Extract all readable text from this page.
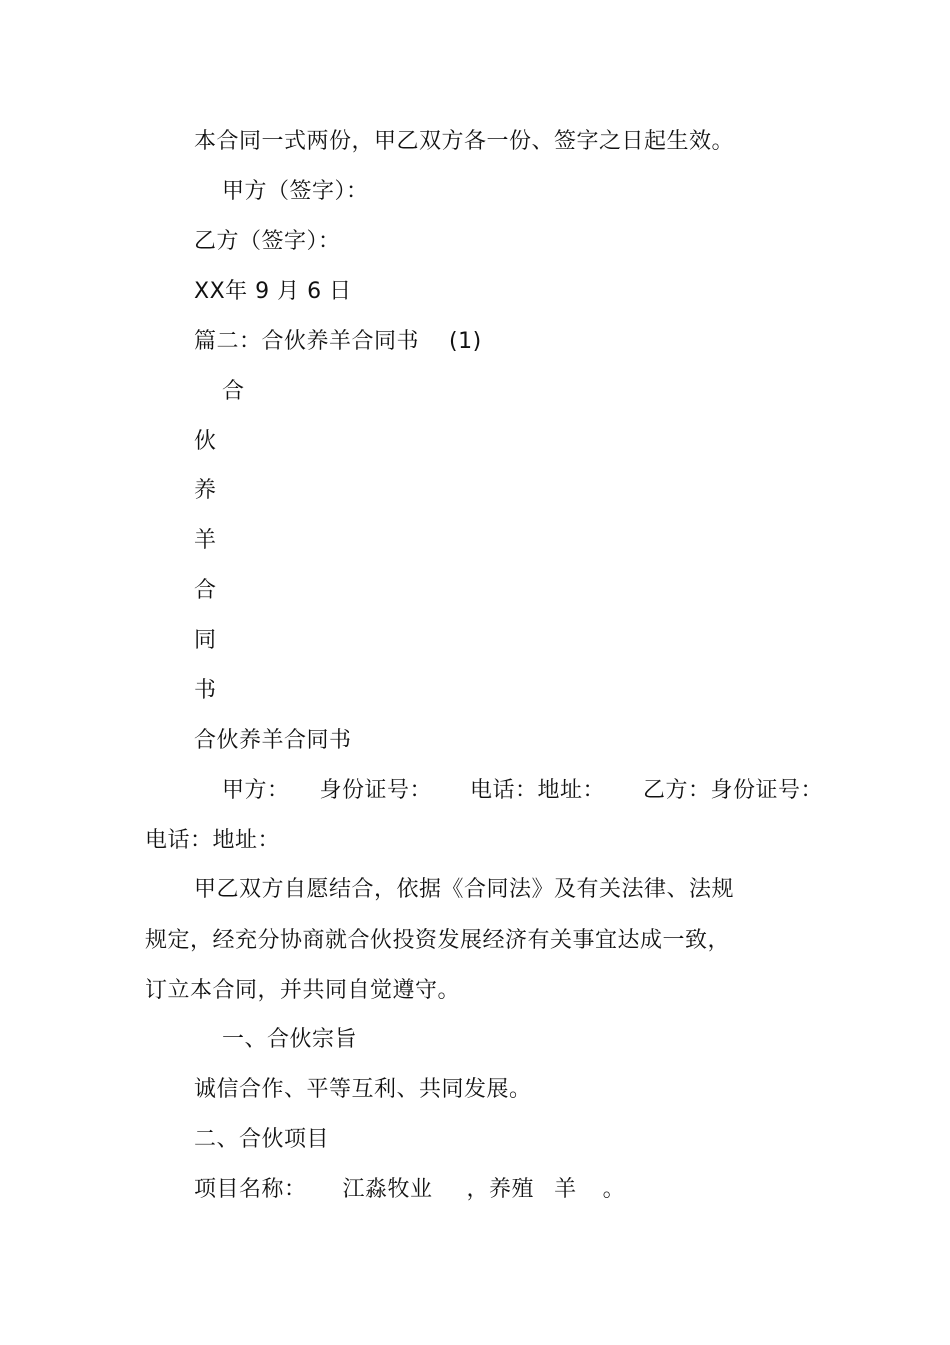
本合同一式两份，甲乙双方各一份、签字之日起生效。
甲方（签字）：
乙方（签字）：
XX年 9 月 6 日
篇二：合伙养羊合同书 (1)
合
伙
养
羊
合
同
书
合伙养羊合同书
甲方： 身份证号： 电话：地址： 乙方：身份证号：
电话：地址：
甲乙双方自愿结合，依据《合同法》及有关法律、法规
规定，经充分协商就合伙投资发展经济有关事宜达成一致，
订立本合同，并共同自觉遵守。
一、合伙宗旨
诚信合作、平等互利、共同发展。
二、合伙项目
项目名称： 江淼牧业 ，养殖 羊 。
